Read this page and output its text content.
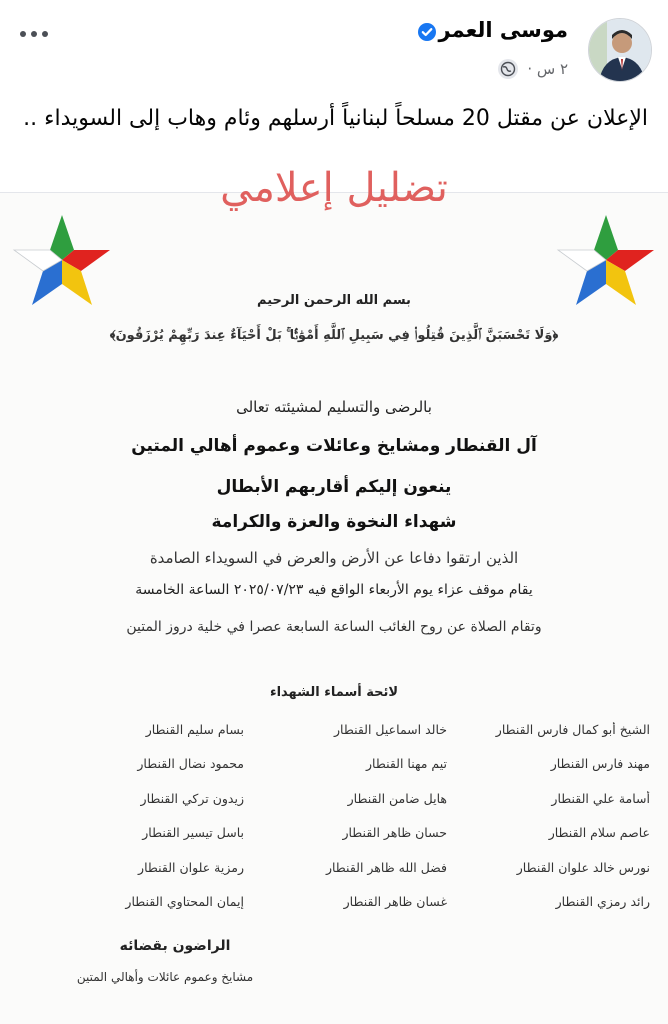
موسى العمر
٢ س ·
الإعلان عن مقتل 20 مسلحاً لبنانياً أرسلهم وئام وهاب إلى السويداء ..
تضليل إعلامي
بسم الله الرحمن الرحيم
﴿وَلَا تَحْسَبَنَّ ٱلَّذِينَ قُتِلُوا۟ فِي سَبِيلِ ٱللَّهِ أَمْوَٰتًۢا ۚ بَلْ أَحْيَآءٌ عِندَ رَبِّهِمْ يُرْزَقُونَ﴾
بالرضى والتسليم لمشيئته تعالى
آل القنطار ومشايخ وعائلات وعموم أهالي المتين
ينعون إليكم أقاربهم الأبطال
شهداء النخوة والعزة والكرامة
الذين ارتقوا دفاعا عن الأرض والعرض في السويداء الصامدة
يقام موقف عزاء يوم الأربعاء الواقع فيه ٢٠٢٥/٠٧/٢٣ الساعة الخامسة
وتقام الصلاة عن روح الغائب الساعة السابعة عصرا في خلية دروز المتين
لائحة أسماء الشهداء
الشيخ أبو كمال فارس القنطار
خالد اسماعيل القنطار
بسام سليم القنطار
مهند فارس القنطار
تيم مهنا القنطار
محمود نضال القنطار
أسامة علي القنطار
هايل ضامن القنطار
زيدون تركي القنطار
عاصم سلام القنطار
حسان ظاهر القنطار
باسل تيسير القنطار
نورس خالد علوان القنطار
فضل الله ظاهر القنطار
رمزية علوان القنطار
رائد رمزي القنطار
غسان ظاهر القنطار
إيمان المحتاوي القنطار
الراضون بقضائه
مشايخ وعموم عائلات وأهالي المتين
